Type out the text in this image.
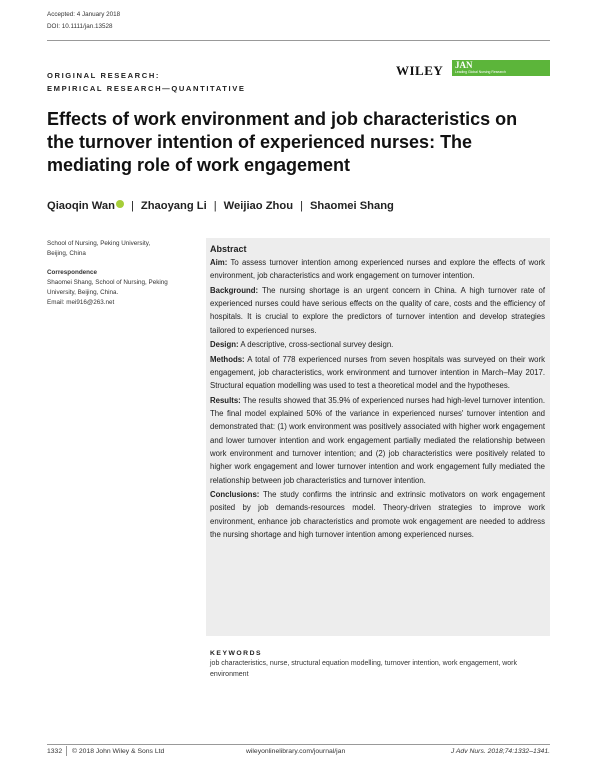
Accepted: 4 January 2018
DOI: 10.1111/jan.13528
ORIGINAL RESEARCH:
EMPIRICAL RESEARCH—QUANTITATIVE
WILEY JAN
Leading Global Nursing Research
Effects of work environment and job characteristics on the turnover intention of experienced nurses: The mediating role of work engagement
Qiaoqin Wan | Zhaoyang Li | Weijiao Zhou | Shaomei Shang
School of Nursing, Peking University,
Beijing, China
Correspondence
Shaomei Shang, School of Nursing, Peking
University, Beijing, China.
Email: mei916@263.net
Abstract

Aim: To assess turnover intention among experienced nurses and explore the effects of work environment, job characteristics and work engagement on turnover intention.

Background: The nursing shortage is an urgent concern in China. A high turnover rate of experienced nurses could have serious effects on the quality of care, costs and the efficiency of hospitals. It is crucial to explore the predictors of turnover intention and develop strategies tailored to experienced nurses.

Design: A descriptive, cross-sectional survey design.

Methods: A total of 778 experienced nurses from seven hospitals was surveyed on their work engagement, job characteristics, work environment and turnover intention in March–May 2017. Structural equation modelling was used to test a theoretical model and the hypotheses.

Results: The results showed that 35.9% of experienced nurses had high-level turnover intention. The final model explained 50% of the variance in experienced nurses' turnover intention and demonstrated that: (1) work environment was positively associated with higher work engagement and lower turnover intention and work engagement partially mediated the relationship between work environment and turnover intention; and (2) job characteristics were positively related to higher work engagement and lower turnover intention and work engagement fully mediated the relationship between job characteristics and turnover intention.

Conclusions: The study confirms the intrinsic and extrinsic motivators on work engagement posited by job demands-resources model. Theory-driven strategies to improve work environment, enhance job characteristics and promote wok engagement are needed to address the nursing shortage and high turnover intention among experienced nurses.

KEYWORDS
job characteristics, nurse, structural equation modelling, turnover intention, work engagement, work environment
1332 © 2018 John Wiley & Sons Ltd	wileyonlinelibrary.com/journal/jan	J Adv Nurs. 2018;74:1332–1341.
